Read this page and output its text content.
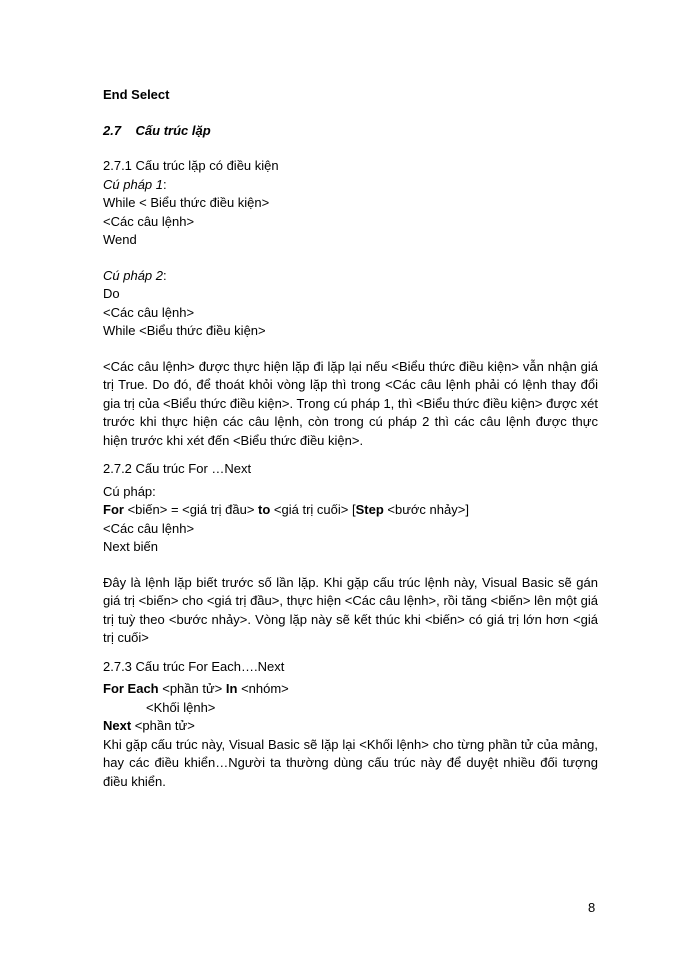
End Select
2.7 Cấu trúc lặp
2.7.1 Cấu trúc lặp có điều kiện
Cú pháp 1:
While < Biểu thức điều kiện>
<Các câu lệnh>
Wend
Cú pháp 2:
Do
<Các câu lệnh>
While <Biểu thức điều kiện>
<Các câu lệnh> được thực hiện lặp đi lặp lại nếu <Biểu thức điều kiện> vẫn nhận giá trị True. Do đó, để thoát khỏi vòng lặp thì trong <Các câu lệnh phải có lệnh thay đổi gia trị của <Biểu thức điều kiện>. Trong cú pháp 1, thì <Biểu thức điều kiện> được xét trước khi thực hiện các câu lệnh, còn trong cú pháp 2 thì các câu lệnh được thực hiện trước khi xét đến <Biểu thức điều kiện>.
2.7.2 Cấu trúc For …Next
Cú pháp:
For <biến> = <giá trị đầu> to <giá trị cuối> [Step <bước nhảy>]
<Các câu lệnh>
Next biến
Đây là lệnh lặp biết trước số lần lặp. Khi gặp cấu trúc lệnh này, Visual Basic sẽ gán giá trị <biến> cho <giá trị đầu>, thực hiện <Các câu lệnh>, rồi tăng <biến> lên một giá trị tuỳ theo <bước nhảy>. Vòng lặp này sẽ kết thúc khi <biến> có giá trị lớn hơn <giá trị cuối>
2.7.3 Cấu trúc For Each….Next
For Each <phần tử> In <nhóm>
<Khối lệnh>
Next <phần tử>
Khi gặp cấu trúc này, Visual Basic sẽ lặp lại <Khối lệnh> cho từng phần tử của mảng, hay các điều khiển…Người ta thường dùng cấu trúc này để duyệt nhiều đối tượng điều khiển.
8
